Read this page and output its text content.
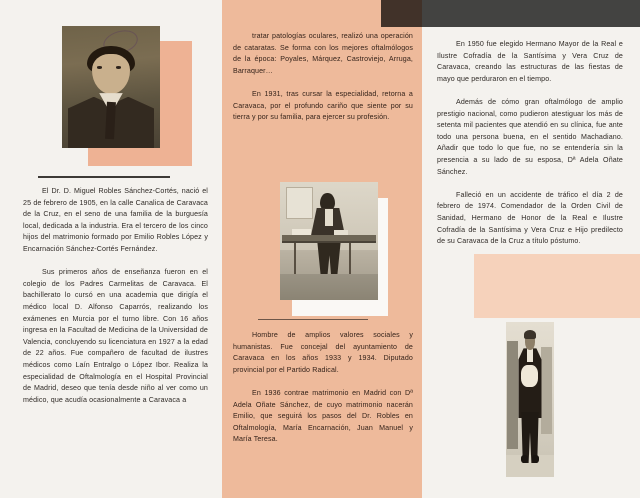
El Dr. D. Miguel Robles Sánchez-Cortés, nació el 25 de febrero de 1905, en la calle Canalica de Caravaca de la Cruz, en el seno de una familia de la burguesía local, dedicada a la industria. Era el tercero de los cinco hijos del matrimonio formado por Emilio Robles López y Encarnación Sánchez-Cortés Fernández.

Sus primeros años de enseñanza fueron en el colegio de los Padres Carmelitas de Caravaca. El bachillerato lo cursó en una academia que dirigía el médico local D. Alfonso Caparrós, realizando los exámenes en Murcia por el turno libre. Con 16 años ingresa en la Facultad de Medicina de la Universidad de Valencia, concluyendo su licenciatura en 1927 a la edad de 22 años. Fue compañero de facultad de ilustres médicos como Laín Entralgo o López Ibor. Realiza la especialidad de Oftalmología en el Hospital Provincial de Madrid, deseo que tenía desde niño al ver como un médico, que acudía ocasionalmente a Caravaca a

tratar patologías oculares, realizó una operación de cataratas. Se forma con los mejores oftalmólogos de la época: Poyales, Márquez, Castroviejo, Arruga, Barraquer…

En 1931, tras cursar la especialidad, retorna a Caravaca, por el profundo cariño que siente por su tierra y por su familia, para ejercer su profesión.

Hombre de amplios valores sociales y humanistas. Fue concejal del ayuntamiento de Caravaca en los años 1933 y 1934. Diputado provincial por el Partido Radical.

En 1936 contrae matrimonio en Madrid con Dª Adela Oñate Sánchez, de cuyo matrimonio nacerán Emilio, que seguirá los pasos del Dr. Robles en Oftalmología, María Encarnación, Juan Manuel y María Teresa.

En 1950 fue elegido Hermano Mayor de la Real e Ilustre Cofradía de la Santísima y Vera Cruz de Caravaca, creando las estructuras de las fiestas de mayo que perduraron en el tiempo.

Además de cómo gran oftalmólogo de amplio prestigio nacional, como pudieron atestiguar los más de setenta mil pacientes que atendió en su clínica, fue ante todo una persona buena, en el sentido Machadiano. Añadir que todo lo que fue, no se entendería sin la presencia a su lado de su esposa, Dª Adela Oñate Sánchez.

Falleció en un accidente de tráfico el día 2 de febrero de 1974. Comendador de la Orden Civil de Sanidad, Hermano de Honor de la Real e Ilustre Cofradía de la Santísima y Vera Cruz e Hijo predilecto de su Caravaca de la Cruz a título póstumo.
